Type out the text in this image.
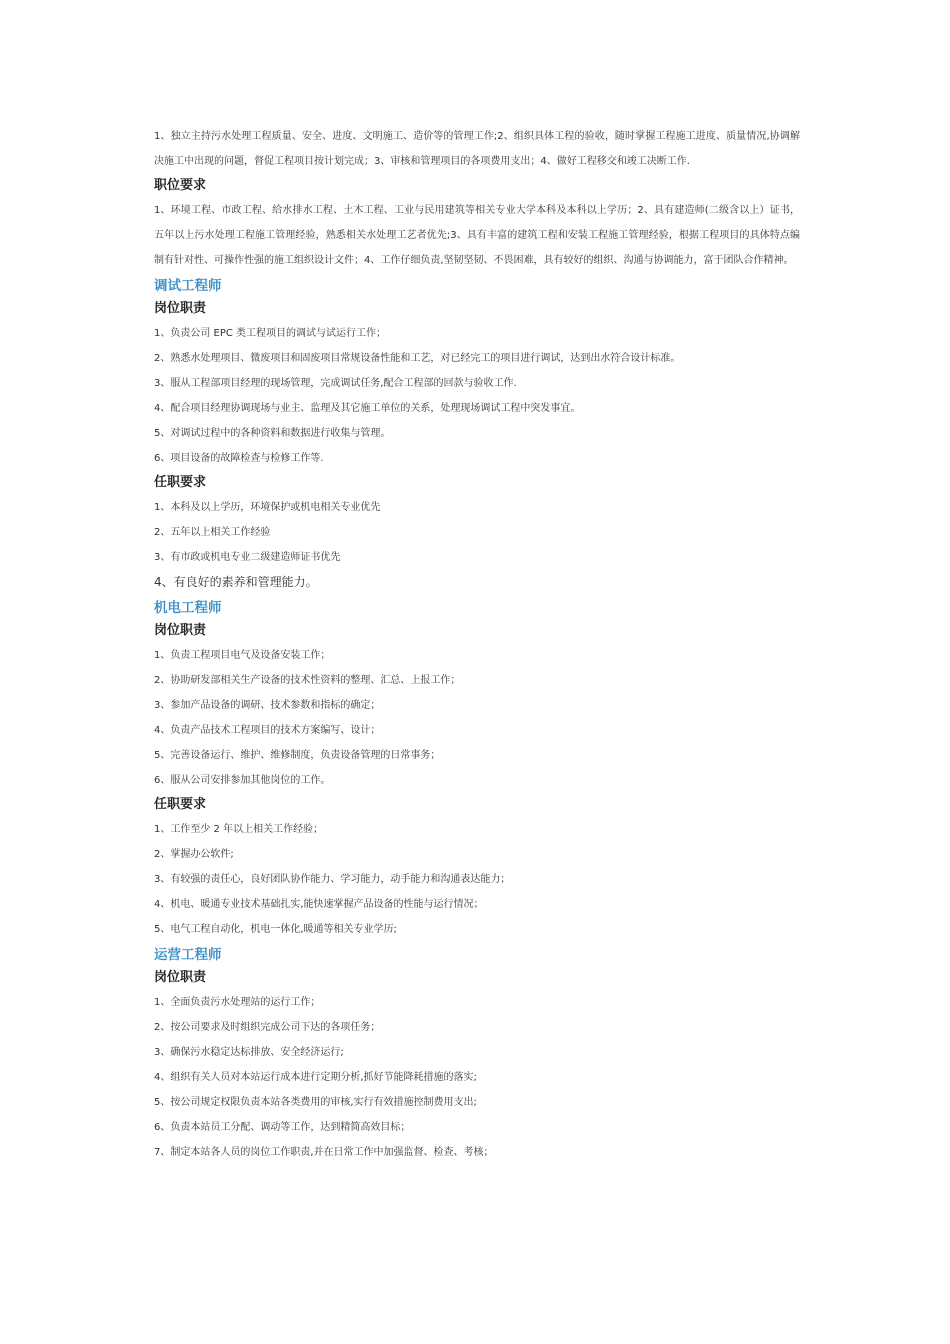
1、独立主持污水处理工程质量、安全、进度、文明施工、造价等的管理工作;2、组织具体工程的验收，随时掌握工程施工进度、质量情况,协调解决施工中出现的问题，督促工程项目按计划完成；3、审核和管理项目的各项费用支出；4、做好工程移交和竣工决断工作.

职位要求

1、环境工程、市政工程、给水排水工程、土木工程、工业与民用建筑等相关专业大学本科及本科以上学历；2、具有建造师(二级含以上）证书，五年以上污水处理工程施工管理经验，熟悉相关水处理工艺者优先;3、具有丰富的建筑工程和安装工程施工管理经验，根据工程项目的具体特点编制有针对性、可操作性强的施工组织设计文件；4、工作仔细负责,坚韧坚韧、不畏困难，具有较好的组织、沟通与协调能力，富于团队合作精神。

调试工程师
岗位职责

1、负责公司 EPC 类工程项目的调试与试运行工作；

2、熟悉水处理项目、微废项目和固废项目常规设备性能和工艺，对已经完工的项目进行调试，达到出水符合设计标准。

3、服从工程部项目经理的现场管理，完成调试任务,配合工程部的回款与验收工作.

4、配合项目经理协调现场与业主、监理及其它施工单位的关系，处理现场调试工程中突发事宜。

5、对调试过程中的各种资料和数据进行收集与管理。

6、项目设备的故障检查与检修工作等.

任职要求

1、本科及以上学历，环境保护或机电相关专业优先

2、五年以上相关工作经验

3、有市政或机电专业二级建造师证书优先

4、有良好的素养和管理能力。

机电工程师
岗位职责

1、负责工程项目电气及设备安装工作；

2、协助研发部相关生产设备的技术性资料的整理、汇总、上报工作；

3、参加产品设备的调研、技术参数和指标的确定；

4、负责产品技术工程项目的技术方案编写、设计；

5、完善设备运行、维护、维修制度，负责设备管理的日常事务；

6、服从公司安排参加其他岗位的工作。

任职要求

1、工作至少 2 年以上相关工作经验；

2、掌握办公软件;

3、有较强的责任心，良好团队协作能力、学习能力，动手能力和沟通表达能力；

4、机电、暖通专业技术基础扎实,能快速掌握产品设备的性能与运行情况；

5、电气工程自动化，机电一体化,暖通等相关专业学历;

运营工程师
岗位职责

1、全面负责污水处理站的运行工作；

2、按公司要求及时组织完成公司下达的各项任务；

3、确保污水稳定达标排放、安全经济运行;

4、组织有关人员对本站运行成本进行定期分析,抓好节能降耗措施的落实;

5、按公司规定权限负责本站各类费用的审核,实行有效措施控制费用支出;

6、负责本站员工分配、调动等工作，达到精简高效目标；

7、制定本站各人员的岗位工作职责,并在日常工作中加强监督、检查、考核；
